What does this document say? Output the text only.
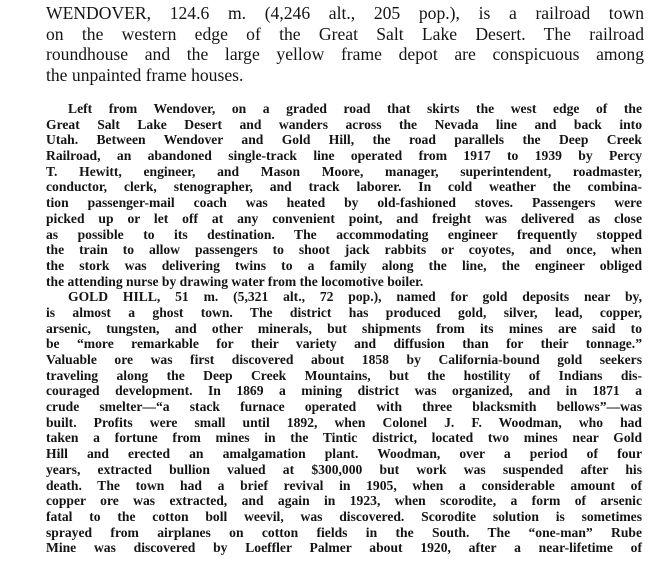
WENDOVER, 124.6 m. (4,246 alt., 205 pop.), is a railroad town
on the western edge of the Great Salt Lake Desert. The railroad
roundhouse and the large yellow frame depot are conspicuous among
the unpainted frame houses.
Left from Wendover, on a graded road that skirts the west edge of the
Great Salt Lake Desert and wanders across the Nevada line and back into
Utah. Between Wendover and Gold Hill, the road parallels the Deep Creek
Railroad, an abandoned single-track line operated from 1917 to 1939 by Percy
T. Hewitt, engineer, and Mason Moore, manager, superintendent, roadmaster,
conductor, clerk, stenographer, and track laborer. In cold weather the combina-
tion passenger-mail coach was heated by old-fashioned stoves. Passengers were
picked up or let off at any convenient point, and freight was delivered as close
as possible to its destination. The accommodating engineer frequently stopped
the train to allow passengers to shoot jack rabbits or coyotes, and once, when
the stork was delivering twins to a family along the line, the engineer obliged
the attending nurse by drawing water from the locomotive boiler.
GOLD HILL, 51 m. (5,321 alt., 72 pop.), named for gold deposits near by,
is almost a ghost town. The district has produced gold, silver, lead, copper,
arsenic, tungsten, and other minerals, but shipments from its mines are said to
be “more remarkable for their variety and diffusion than for their tonnage.”
Valuable ore was first discovered about 1858 by California-bound gold seekers
traveling along the Deep Creek Mountains, but the hostility of Indians dis-
couraged development. In 1869 a mining district was organized, and in 1871 a
crude smelter—“a stack furnace operated with three blacksmith bellows”—was
built. Profits were small until 1892, when Colonel J. F. Woodman, who had
taken a fortune from mines in the Tintic district, located two mines near Gold
Hill and erected an amalgamation plant. Woodman, over a period of four
years, extracted bullion valued at $300,000 but work was suspended after his
death. The town had a brief revival in 1905, when a considerable amount of
copper ore was extracted, and again in 1923, when scorodite, a form of arsenic
fatal to the cotton boll weevil, was discovered. Scorodite solution is sometimes
sprayed from airplanes on cotton fields in the South. The “one-man” Rube
Mine was discovered by Loeffler Palmer about 1920, after a near-lifetime of
